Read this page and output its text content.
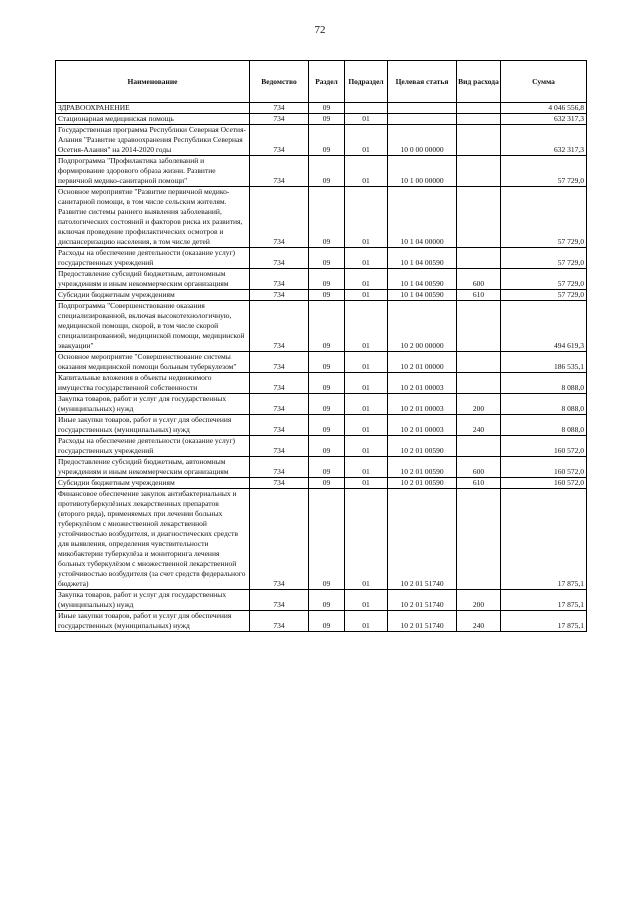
72
Наименование	Ведомство	Раздел	Подраздел	Целевая статья	Вид расхода	Сумма
ЗДРАВООХРАНЕНИЕ	734	09				4 046 556,8
Стационарная медицинская помощь	734	09	01			632 317,3
Государственная программа Республики Северная Осетия-Алания "Развитие здравоохранения Республики Северная Осетия-Алания" на 2014-2020 годы	734	09	01	10 0 00 00000		632 317,3
Подпрограмма "Профилактика заболеваний и формирование здорового образа жизни. Развитие первичной медико-санитарной помощи"	734	09	01	10 1 00 00000		57 729,0
Основное мероприятие "Развитие первичной медико-санитарной помощи, в том числе сельским жителям. Развитие системы раннего выявления заболеваний, патологических состояний и факторов риска их развития, включая проведение профилактических осмотров и диспансеризацию населения, в том числе детей	734	09	01	10 1 04 00000		57 729,0
Расходы на обеспечение деятельности (оказание услуг) государственных учреждений	734	09	01	10 1 04 00590		57 729,0
Предоставление субсидий бюджетным, автономным учреждениям и иным некоммерческим организациям	734	09	01	10 1 04 00590	600	57 729,0
Субсидии бюджетным учреждениям	734	09	01	10 1 04 00590	610	57 729,0
Подпрограмма "Совершенствование оказания специализированной, включая высокотехнологичную, медицинской помощи, скорой, в том числе скорой специализированной, медицинской помощи, медицинской эвакуации"	734	09	01	10 2 00 00000		494 619,3
Основное мероприятие "Совершенствование системы оказания медицинской помощи больным туберкулезом"	734	09	01	10 2 01 00000		186 535,1
Капитальные вложения в объекты недвижимого имущества государственной собственности	734	09	01	10 2 01 00003		8 088,0
Закупка товаров, работ и услуг для государственных (муниципальных) нужд	734	09	01	10 2 01 00003	200	8 088,0
Иные закупки товаров, работ и услуг для обеспечения государственных (муниципальных) нужд	734	09	01	10 2 01 00003	240	8 088,0
Расходы на обеспечение деятельности (оказание услуг) государственных учреждений	734	09	01	10 2 01 00590		160 572,0
Предоставление субсидий бюджетным, автономным учреждениям и иным некоммерческим организациям	734	09	01	10 2 01 00590	600	160 572,0
Субсидии бюджетным учреждениям	734	09	01	10 2 01 00590	610	160 572,0
Финансовое обеспечение закупок антибактериальных и противотуберкулёзных лекарственных препаратов (второго ряда), применяемых при лечении больных туберкулёзом с множественной лекарственной устойчивостью возбудителя, и диагностических средств для выявления, определения чувствительности микобактерии туберкулёза и мониторинга лечения больных туберкулёзом с множественной лекарственной устойчивостью возбудителя (за счет средств федерального бюджета)	734	09	01	10 2 01 51740		17 875,1
Закупка товаров, работ и услуг для государственных (муниципальных) нужд	734	09	01	10 2 01 51740	200	17 875,1
Иные закупки товаров, работ и услуг для обеспечения государственных (муниципальных) нужд	734	09	01	10 2 01 51740	240	17 875,1
